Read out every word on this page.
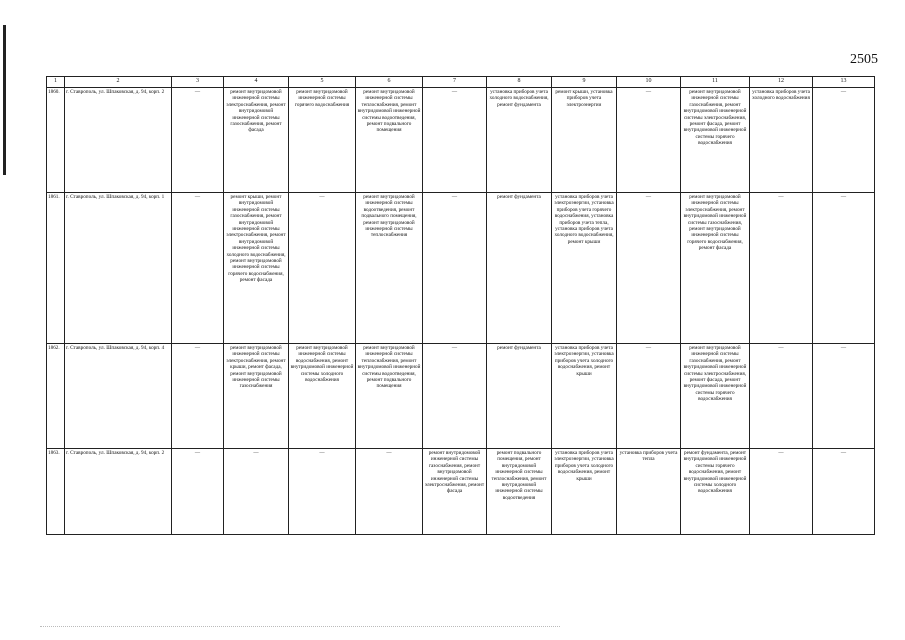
2505
1	2	3	4	5	6	7	8	9	10	11	12	13
1860.	г. Ставрополь, ул. Шпаковская, д. 94, корп. 2	—	ремонт внутридомовой инженерной системы электроснабжения, ремонт внутридомовой инженерной системы газоснабжения, ремонт фасада	ремонт внутридомовой инженерной системы горячего водоснабжения	ремонт внутридомовой инженерной системы теплоснабжения, ремонт внутридомовой инженерной системы водоотведения, ремонт подвального помещения	—	установка приборов учета холодного водоснабжения, ремонт фундамента	ремонт крыши, установка приборов учета электроэнергии	—	ремонт внутридомовой инженерной системы газоснабжения, ремонт внутридомовой инженерной системы электроснабжения, ремонт фасада, ремонт внутридомовой инженерной системы горячего водоснабжения	установка приборов учета холодного водоснабжения	—
1861.	г. Ставрополь, ул. Шпаковская, д. 94, корп. 1	—	ремонт крыши, ремонт внутридомовой инженерной системы газоснабжения, ремонт внутридомовой инженерной системы электроснабжения, ремонт внутридомовой инженерной системы холодного водоснабжения, ремонт внутридомовой инженерной системы горячего водоснабжения, ремонт фасада	—	ремонт внутридомовой инженерной системы водоотведения, ремонт подвального помещения, ремонт внутридомовой инженерной системы теплоснабжения	—	ремонт фундамента	установка приборов учета электроэнергии, установка приборов учета горячего водоснабжения, установка приборов учета тепла, установка приборов учета холодного водоснабжения, ремонт крыши	—	ремонт внутридомовой инженерной системы электроснабжения, ремонт внутридомовой инженерной системы газоснабжения, ремонт внутридомовой инженерной системы горячего водоснабжения, ремонт фасада	—	—
1862.	г. Ставрополь, ул. Шпаковская, д. 94, корп. 4	—	ремонт внутридомовой инженерной системы электроснабжения, ремонт крыши, ремонт фасада, ремонт внутридомовой инженерной системы газоснабжения	ремонт внутридомовой инженерной системы водоснабжения, ремонт внутридомовой инженерной системы холодного водоснабжения	ремонт внутридомовой инженерной системы теплоснабжения, ремонт внутридомовой инженерной системы водоотведения, ремонт подвального помещения	—	ремонт фундамента	установка приборов учета электроэнергии, установка приборов учета холодного водоснабжения, ремонт крыши	—	ремонт внутридомовой инженерной системы газоснабжения, ремонт внутридомовой инженерной системы электроснабжения, ремонт фасада, ремонт внутридомовой инженерной системы горячего водоснабжения	—	—
1863.	г. Ставрополь, ул. Шпаковская, д. 94, корп. 2	—	—	—	—	ремонт внутридомовой инженерной системы газоснабжения, ремонт внутридомовой инженерной системы электроснабжения, ремонт фасада	ремонт подвального помещения, ремонт внутридомовой инженерной системы теплоснабжения, ремонт внутридомовой инженерной системы водоотведения	установка приборов учета электроэнергии, установка приборов учета холодного водоснабжения, ремонт крыши	установка приборов учета тепла	ремонт фундамента, ремонт внутридомовой инженерной системы горячего водоснабжения, ремонт внутридомовой инженерной системы холодного водоснабжения	—	—
